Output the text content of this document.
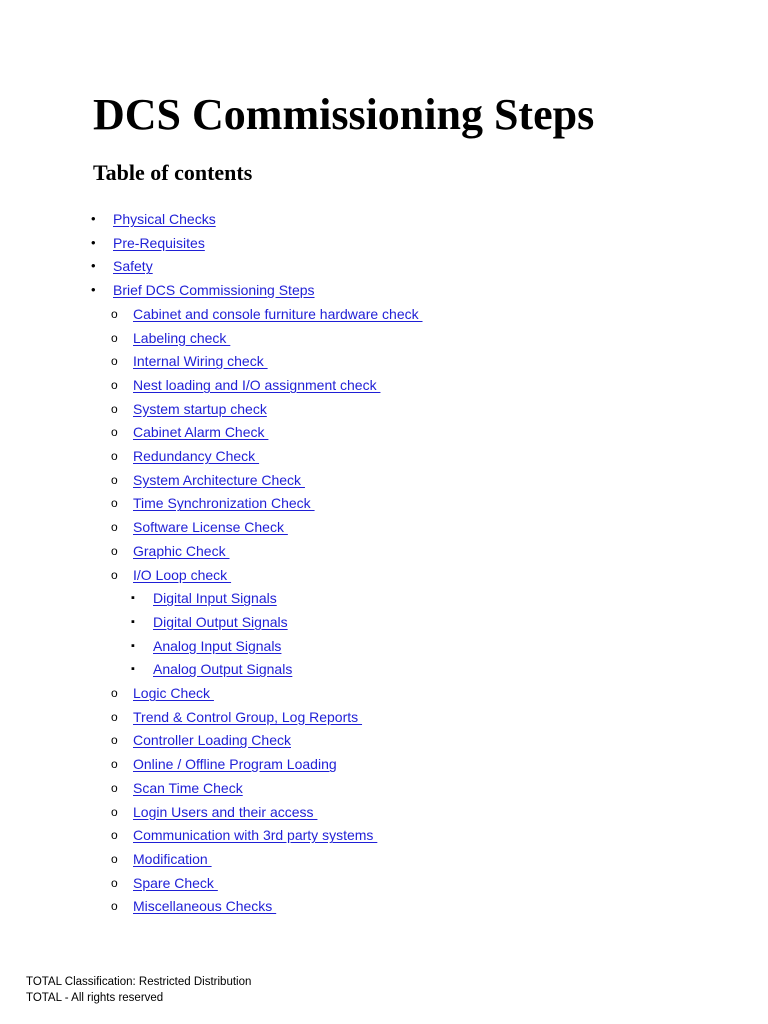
DCS Commissioning Steps
Table of contents
• Physical Checks
• Pre-Requisites
• Safety
• Brief DCS Commissioning Steps
o Cabinet and console furniture hardware check
o Labeling check
o Internal Wiring check
o Nest loading and I/O assignment check
o System startup check
o Cabinet Alarm Check
o Redundancy Check
o System Architecture Check
o Time Synchronization Check
o Software License Check
o Graphic Check
o I/O Loop check
▪ Digital Input Signals
▪ Digital Output Signals
▪ Analog Input Signals
▪ Analog Output Signals
o Logic Check
o Trend & Control Group, Log Reports
o Controller Loading Check
o Online / Offline Program Loading
o Scan Time Check
o Login Users and their access
o Communication with 3rd party systems
o Modification
o Spare Check
o Miscellaneous Checks
TOTAL Classification: Restricted Distribution
TOTAL - All rights reserved
